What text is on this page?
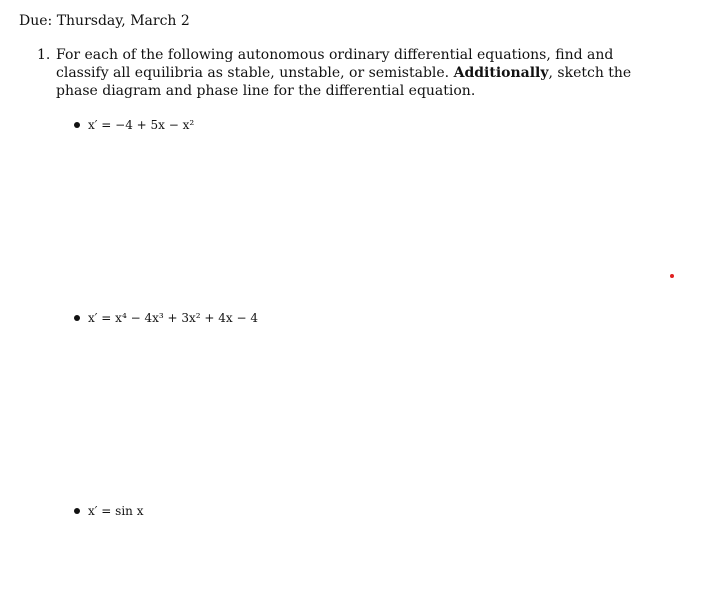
Due: Thursday, March 2
1. For each of the following autonomous ordinary differential equations, find and classify all equilibria as stable, unstable, or semistable. Additionally, sketch the phase diagram and phase line for the differential equation.
x′ = −4 + 5x − x²
x′ = x⁴ − 4x³ + 3x² + 4x − 4
x′ = sin x
